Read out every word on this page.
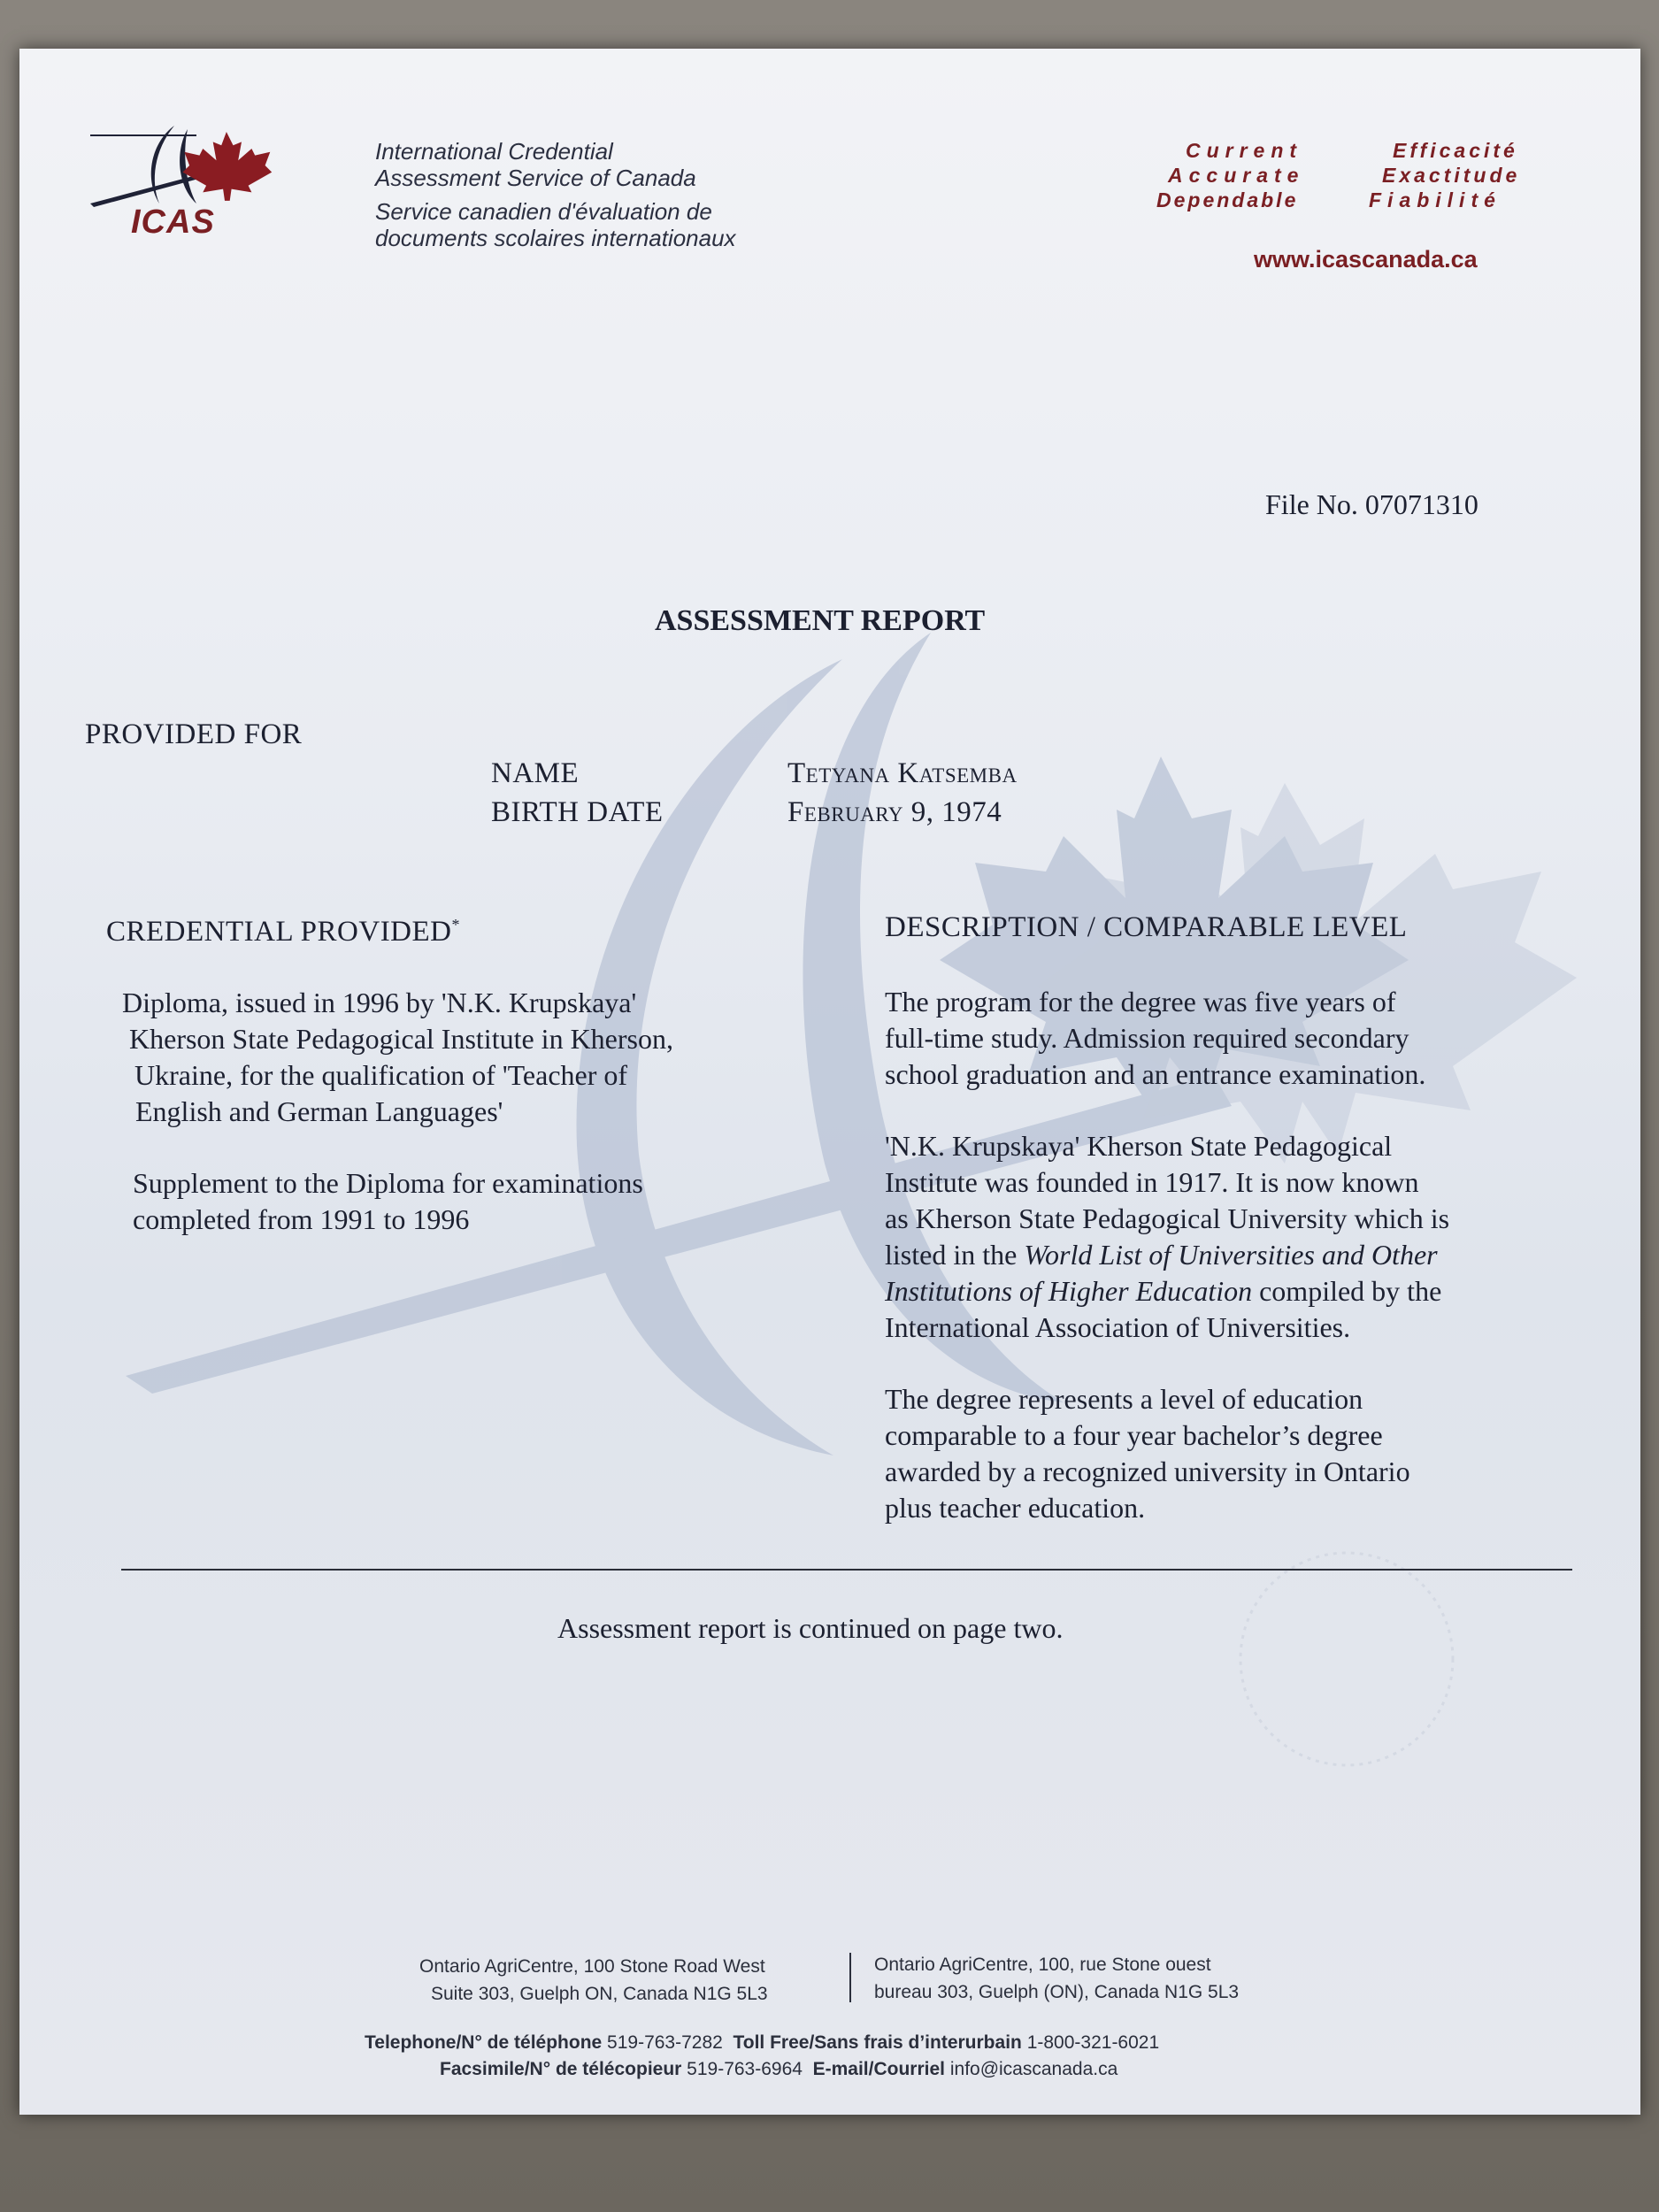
ICAS
International Credential
Assessment Service of Canada
Service canadien d'évaluation de
documents scolaires internationaux
Current	Efficacité
Accurate	Exactitude
Dependable	Fiabilité
www.icascanada.ca
File No. 07071310
ASSESSMENT REPORT
PROVIDED FOR
NAME	Tetyana Katsemba
BIRTH DATE	February 9, 1974
CREDENTIAL PROVIDED*
Diploma, issued in 1996 by 'N.K. Krupskaya'
Kherson State Pedagogical Institute in Kherson,
Ukraine, for the qualification of 'Teacher of
English and German Languages'
Supplement to the Diploma for examinations
completed from 1991 to 1996
DESCRIPTION / COMPARABLE LEVEL
The program for the degree was five years of
full-time study. Admission required secondary
school graduation and an entrance examination.
'N.K. Krupskaya' Kherson State Pedagogical
Institute was founded in 1917. It is now known
as Kherson State Pedagogical University which is
listed in the World List of Universities and Other
Institutions of Higher Education compiled by the
International Association of Universities.
The degree represents a level of education
comparable to a four year bachelor’s degree
awarded by a recognized university in Ontario
plus teacher education.
Assessment report is continued on page two.
Ontario AgriCentre, 100 Stone Road West
Suite 303, Guelph ON, Canada N1G 5L3
Ontario AgriCentre, 100, rue Stone ouest
bureau 303, Guelph (ON), Canada N1G 5L3
Telephone/N° de téléphone 519-763-7282 Toll Free/Sans frais d’interurbain 1-800-321-6021
Facsimile/N° de télécopieur 519-763-6964 E-mail/Courriel info@icascanada.ca
